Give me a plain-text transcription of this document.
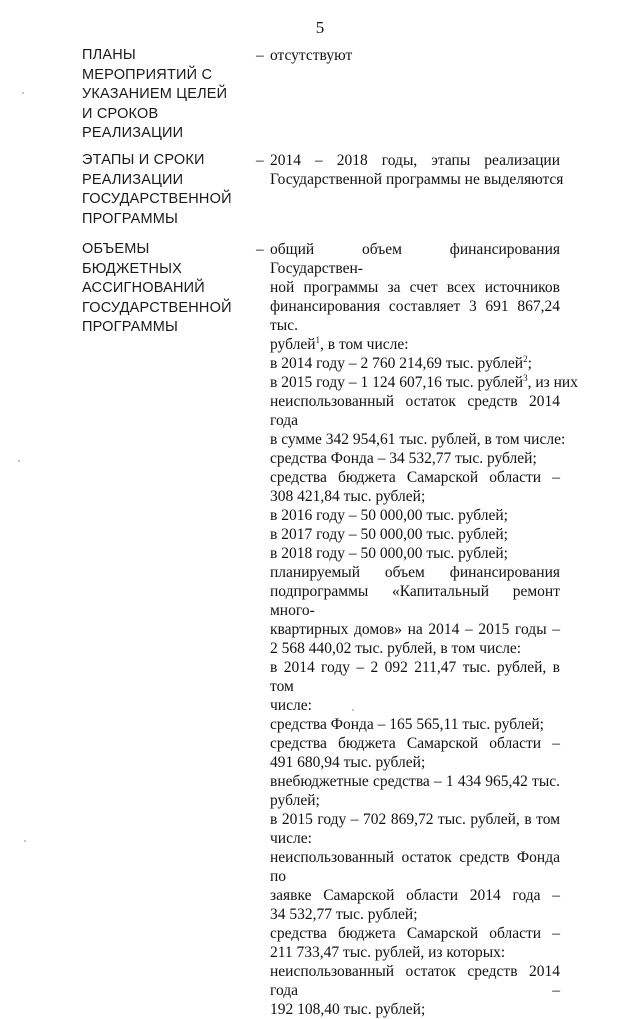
5
ПЛАНЫ
МЕРОПРИЯТИЙ С
УКАЗАНИЕМ ЦЕЛЕЙ
И СРОКОВ
РЕАЛИЗАЦИИ
– отсутствуют
ЭТАПЫ И СРОКИ
РЕАЛИЗАЦИИ
ГОСУДАРСТВЕННОЙ
ПРОГРАММЫ
– 2014 – 2018 годы, этапы реализации
Государственной программы не выделяются
ОБЪЕМЫ
БЮДЖЕТНЫХ
АССИГНОВАНИЙ
ГОСУДАРСТВЕННОЙ
ПРОГРАММЫ
– общий объем финансирования Государствен-
ной программы за счет всех источников
финансирования составляет 3 691 867,24 тыс.
рублей$^1$, в том числе:
в 2014 году – 2 760 214,69 тыс. рублей$^2$;
в 2015 году – 1 124 607,16 тыс. рублей$^3$, из них
неиспользованный остаток средств 2014 года
в сумме 342 954,61 тыс. рублей, в том числе:
средства Фонда – 34 532,77 тыс. рублей;
средства бюджета Самарской области –
308 421,84 тыс. рублей;
в 2016 году – 50 000,00 тыс. рублей;
в 2017 году – 50 000,00 тыс. рублей;
в 2018 году – 50 000,00 тыс. рублей;
планируемый объем финансирования
подпрограммы «Капитальный ремонт много-
квартирных домов» на 2014 – 2015 годы –
2 568 440,02 тыс. рублей, в том числе:
в 2014 году – 2 092 211,47 тыс. рублей, в том
числе:
средства Фонда – 165 565,11 тыс. рублей;
средства бюджета Самарской области –
491 680,94 тыс. рублей;
внебюджетные средства – 1 434 965,42 тыс.
рублей;
в 2015 году – 702 869,72 тыс. рублей, в том
числе:
неиспользованный остаток средств Фонда по
заявке Самарской области 2014 года –
34 532,77 тыс. рублей;
средства бюджета Самарской области –
211 733,47 тыс. рублей, из которых:
неиспользованный остаток средств 2014 года –
192 108,40 тыс. рублей;
